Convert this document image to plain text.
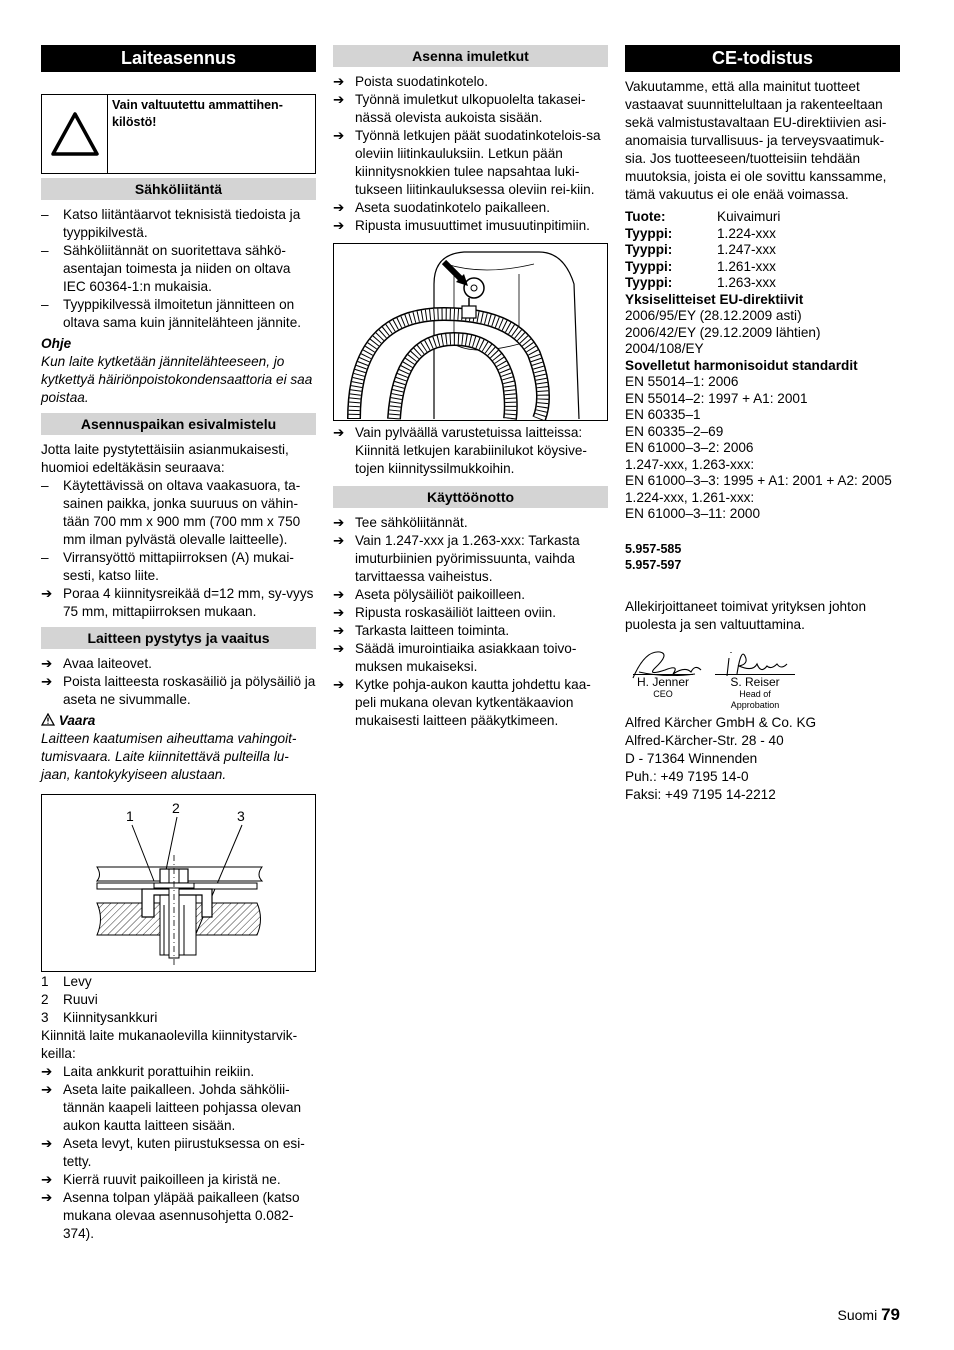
Laiteasennus
Vain valtuutettu ammattihen-kilöstö!
Sähköliitäntä
–	Katso liitäntäarvot teknisistä tiedoista ja tyyppikilvestä.
–	Sähköliitännät on suoritettava sähkö-asentajan toimesta ja niiden on oltava IEC 60364-1:n mukaisia.
–	Tyyppikilvessä ilmoitetun jännitteen on oltava sama kuin jännitelähteen jännite.

Ohje

Kun laite kytketään jännitelähteeseen, jo kytkettyä häiriönpoistokondensaattoria ei saa poistaa.

Asennuspaikan esivalmistelu

Jotta laite pystytettäisiin asianmukaisesti, huomioi edeltäkäsin seuraava:

–	Käytettävissä on oltava vaakasuora, ta-sainen paikka, jonka suuruus on vähin-tään 700 mm x 900 mm (700 mm x 750 mm ilman pylvästä olevalle laitteelle).
–	Virransyöttö mittapiirroksen (A) mukai-sesti, katso liite.
➔ Poraa 4 kiinnitysreikää d=12 mm, sy-vyys 75 mm, mittapiirroksen mukaan.
Laitteen pystytys ja vaaitus
➔ Avaa laiteovet.
➔ Poista laitteesta roskasäiliö ja pölysäiliö ja aseta ne sivummalle.

Vaara

Laitteen kaatumisen aiheuttama vahingoit-tumisvaara. Laite kiinnitettävä pulteilla lu-jaan, kantokykyiseen alustaan.

1	2	3
1	Levy
2	Ruuvi
3	Kiinnitysankkuri

Kiinnitä laite mukanaolevilla kiinnitystarvik-keilla:

➔ Laita ankkurit porattuihin reikiin.
➔ Aseta laite paikalleen. Johda sähkölii-tännän kaapeli laitteen pohjassa olevan aukon kautta laitteen sisään.
➔ Aseta levyt, kuten piirustuksessa on esi-tetty.
➔ Kierrä ruuvit paikoilleen ja kiristä ne.
➔ Asenna tolpan yläpää paikalleen (katso mukana olevaa asennusohjetta 0.082-374).
Asenna imuletkut
➔ Poista suodatinkotelo.
➔ Työnnä imuletkut ulkopuolelta takasei-nässä olevista aukoista sisään.
➔ Työnnä letkujen päät suodatinkotelois-sa oleviin liitinkauluksiin. Letkun pään kiinnitysnokkien tulee napsahtaa luki-tukseen liitinkauluksessa oleviin rei-kiin.
➔ Aseta suodatinkotelo paikalleen.
➔ Ripusta imusuuttimet imusuutinpitimiin.
➔ Vain pylväällä varustetuissa laitteissa: Kiinnitä letkujen karabiinilukot köysive-tojen kiinnityssilmukkoihin.
Käyttöönotto
➔ Tee sähköliitännät.
➔ Vain 1.247-xxx ja 1.263-xxx: Tarkasta imuturbiinien pyörimissuunta, vaihda tarvittaessa vaiheistus.
➔ Aseta pölysäiliöt paikoilleen.
➔ Ripusta roskasäiliöt laitteen oviin.
➔ Tarkasta laitteen toiminta.
➔ Säädä imurointiaika asiakkaan toivo-muksen mukaiseksi.
➔ Kytke pohja-aukon kautta johdettu kaa-peli mukana olevan kytkentäkaavion mukaisesti laitteen pääkytkimeen.
CE-todistus

Vakuutamme, että alla mainitut tuotteet vastaavat suunnittelultaan ja rakenteeltaan sekä valmistustavaltaan EU-direktiivien asi-anomaisia turvallisuus- ja terveysvaatimuk-sia. Jos tuotteeseen/tuotteisiin tehdään muutoksia, joista ei ole sovittu kanssamme, tämä vakuutus ei ole enää voimassa.

Tuote:	Kuivaimuri
Tyyppi:	1.224-xxx
Tyyppi:	1.247-xxx
Tyyppi:	1.261-xxx
Tyyppi:	1.263-xxx
Yksiselitteiset EU-direktiivit
2006/95/EY (28.12.2009 asti)
2006/42/EY (29.12.2009 lähtien)
2004/108/EY
Sovelletut harmonisoidut standardit
EN 55014–1: 2006
EN 55014–2: 1997 + A1: 2001
EN 60335–1
EN 60335–2–69
EN 61000–3–2: 2006
1.247-xxx, 1.263-xxx:
EN 61000–3–3: 1995 + A1: 2001 + A2: 2005
1.224-xxx, 1.261-xxx:
EN 61000–3–11: 2000
5.957-585
5.957-597

Allekirjoittaneet toimivat yrityksen johton puolesta ja sen valtuuttamina.

H. Jenner
CEO
S. Reiser
Head of Approbation
Alfred Kärcher GmbH & Co. KG
Alfred-Kärcher-Str. 28 - 40
D - 71364 Winnenden
Puh.: +49 7195 14-0
Faksi: +49 7195 14-2212
Suomi 79
